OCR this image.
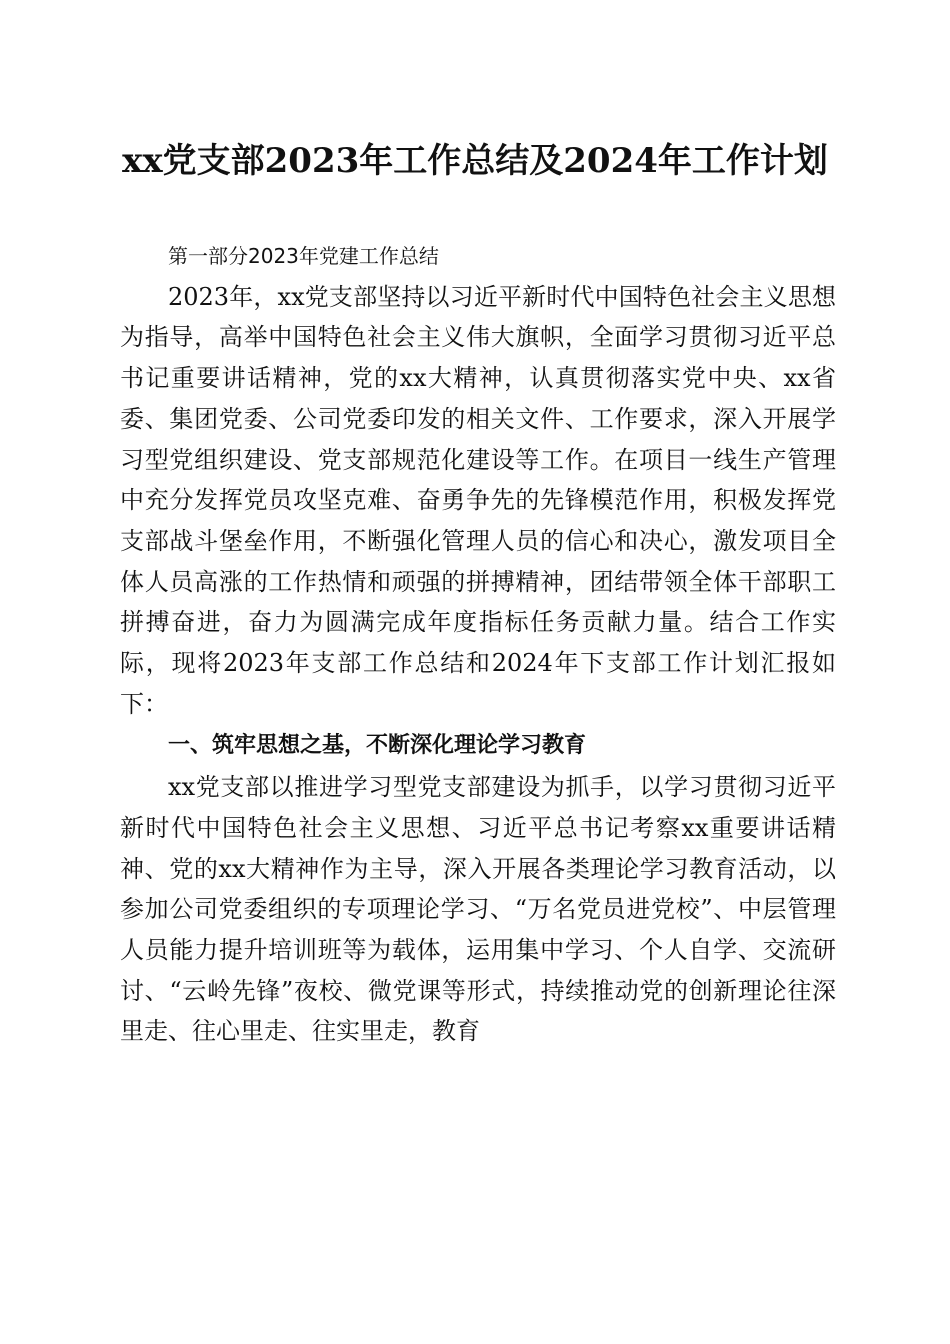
xx党支部2023年工作总结及2024年工作计划

第一部分2023年党建工作总结

2023年，xx党支部坚持以习近平新时代中国特色社会主义思想为指导，高举中国特色社会主义伟大旗帜，全面学习贯彻习近平总书记重要讲话精神，党的xx大精神，认真贯彻落实党中央、xx省委、集团党委、公司党委印发的相关文件、工作要求，深入开展学习型党组织建设、党支部规范化建设等工作。在项目一线生产管理中充分发挥党员攻坚克难、奋勇争先的先锋模范作用，积极发挥党支部战斗堡垒作用，不断强化管理人员的信心和决心，激发项目全体人员高涨的工作热情和顽强的拼搏精神，团结带领全体干部职工拼搏奋进，奋力为圆满完成年度指标任务贡献力量。结合工作实际，现将2023年支部工作总结和2024年下支部工作计划汇报如下：

一、筑牢思想之基，不断深化理论学习教育

xx党支部以推进学习型党支部建设为抓手，以学习贯彻习近平新时代中国特色社会主义思想、习近平总书记考察xx重要讲话精神、党的xx大精神作为主导，深入开展各类理论学习教育活动，以参加公司党委组织的专项理论学习、“万名党员进党校”、中层管理人员能力提升培训班等为载体，运用集中学习、个人自学、交流研讨、“云岭先锋”夜校、微党课等形式，持续推动党的创新理论往深里走、往心里走、往实里走，教育
